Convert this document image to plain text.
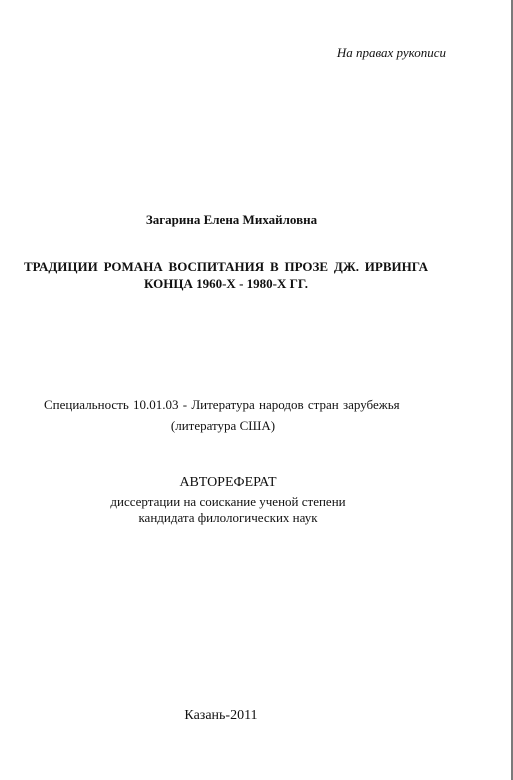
На правах рукописи
Загарина Елена Михайловна
ТРАДИЦИИ РОМАНА ВОСПИТАНИЯ В ПРОЗЕ ДЖ. ИРВИНГА
КОНЦА 1960-Х - 1980-Х ГГ.
Специальность 10.01.03 - Литература народов стран зарубежья
(литература США)
АВТОРЕФЕРАТ
диссертации на соискание ученой степени
кандидата филологических наук
Казань-2011
